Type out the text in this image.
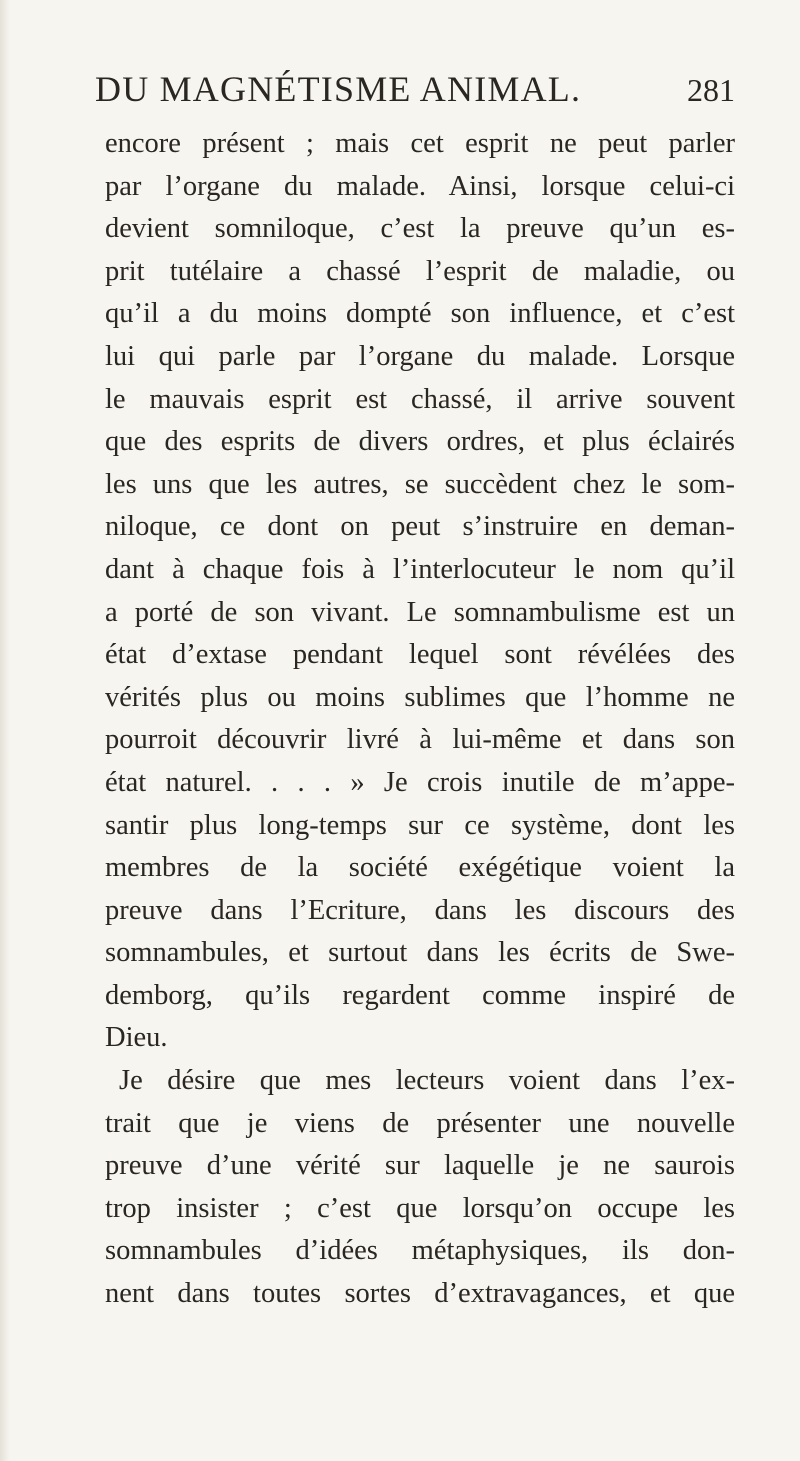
DU MAGNÉTISME ANIMAL.	281
encore présent ; mais cet esprit ne peut parler
par l’organe du malade. Ainsi, lorsque celui-ci
devient somniloque, c’est la preuve qu’un es-
prit tutélaire a chassé l’esprit de maladie, ou
qu’il a du moins dompté son influence, et c’est
lui qui parle par l’organe du malade. Lorsque
le mauvais esprit est chassé, il arrive souvent
que des esprits de divers ordres, et plus éclairés
les uns que les autres, se succèdent chez le som-
niloque, ce dont on peut s’instruire en deman-
dant à chaque fois à l’interlocuteur le nom qu’il
a porté de son vivant. Le somnambulisme est un
état d’extase pendant lequel sont révélées des
vérités plus ou moins sublimes que l’homme ne
pourroit découvrir livré à lui-même et dans son
état naturel. . . . » Je crois inutile de m’appe-
santir plus long-temps sur ce système, dont les
membres de la société exégétique voient la
preuve dans l’Ecriture, dans les discours des
somnambules, et surtout dans les écrits de Swe-
demborg, qu’ils regardent comme inspiré de
Dieu.
Je désire que mes lecteurs voient dans l’ex-
trait que je viens de présenter une nouvelle
preuve d’une vérité sur laquelle je ne saurois
trop insister ; c’est que lorsqu’on occupe les
somnambules d’idées métaphysiques, ils don-
nent dans toutes sortes d’extravagances, et que
